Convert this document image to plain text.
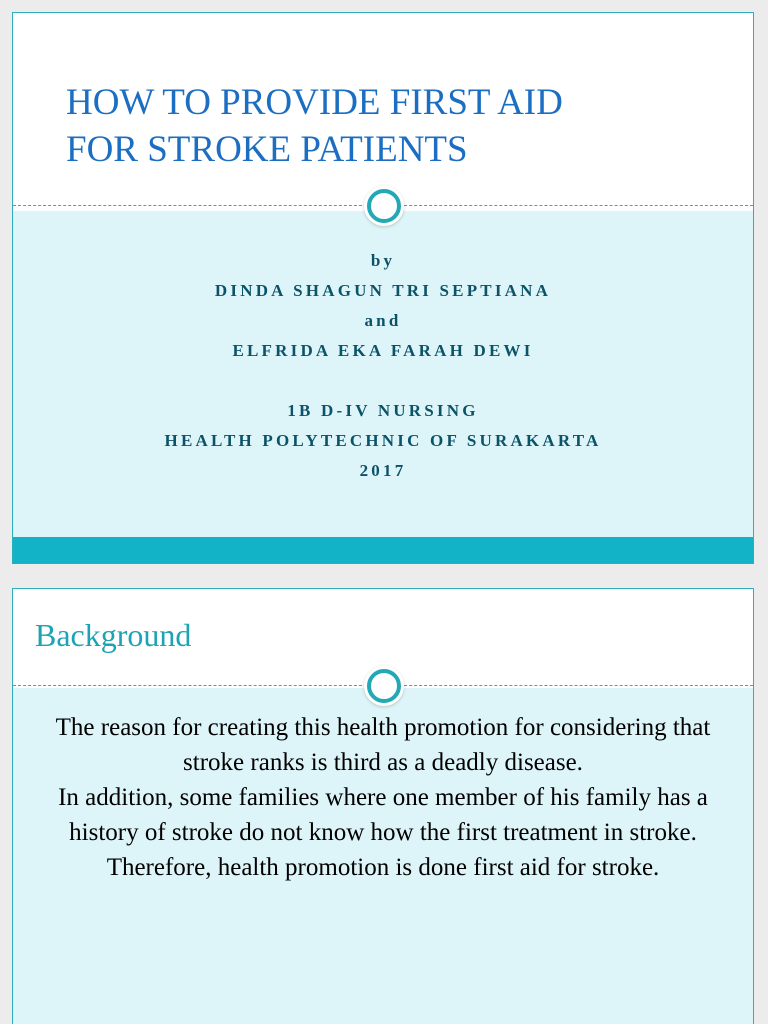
HOW TO PROVIDE FIRST AID
FOR STROKE PATIENTS
by
DINDA SHAGUN TRI SEPTIANA
and
ELFRIDA EKA FARAH DEWI
1B D-IV NURSING
HEALTH POLYTECHNIC OF SURAKARTA
2017
Background

The reason for creating this health promotion for considering that stroke ranks is third as a deadly disease.

In addition, some families where one member of his family has a history of stroke do not know how the first treatment in stroke. Therefore, health promotion is done first aid for stroke.
